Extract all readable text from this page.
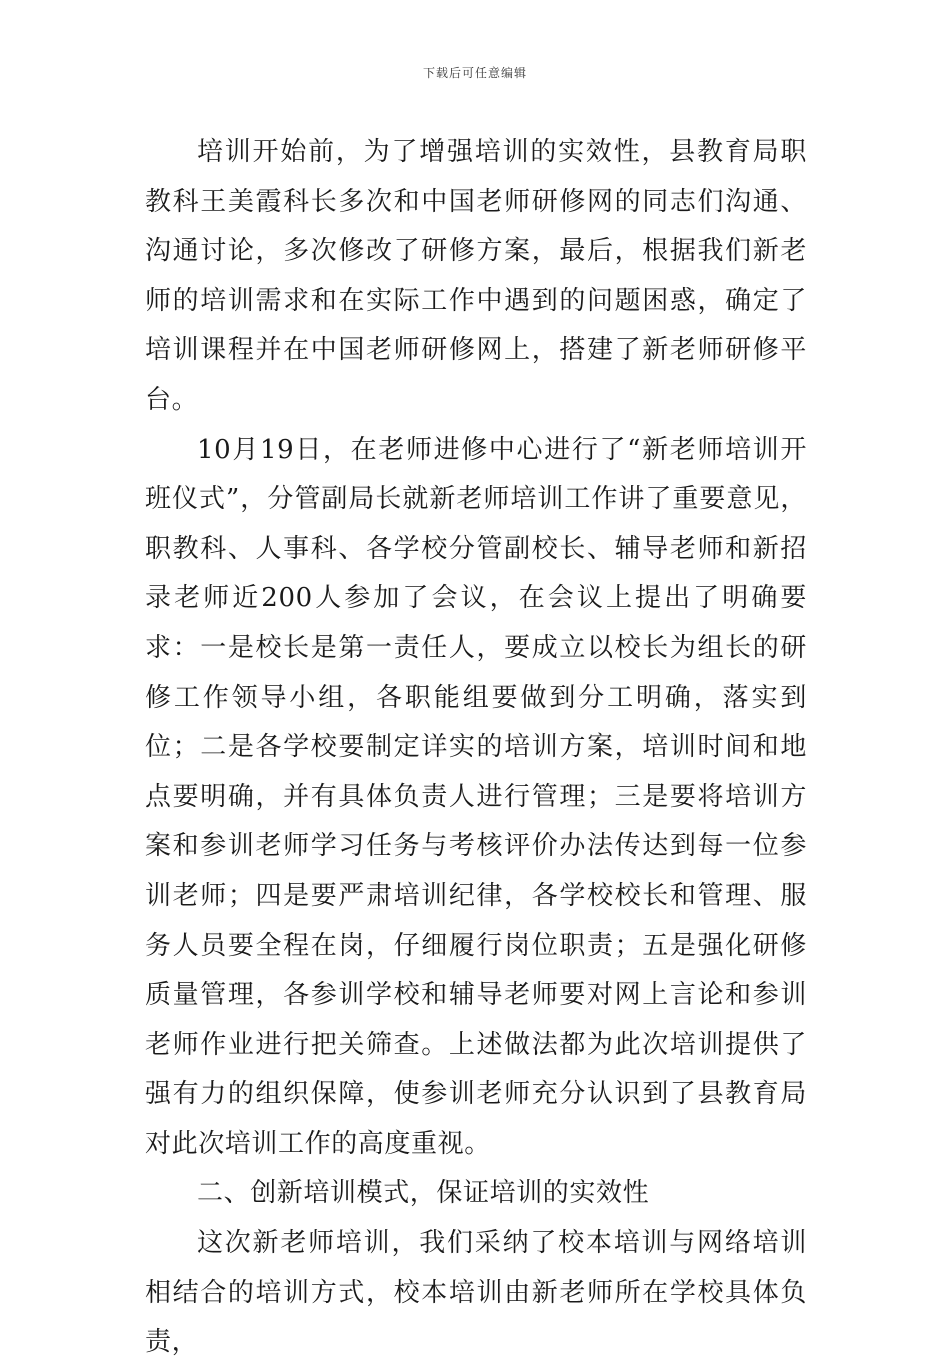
下载后可任意编辑

培训开始前，为了增强培训的实效性，县教育局职教科王美霞科长多次和中国老师研修网的同志们沟通、沟通讨论，多次修改了研修方案，最后，根据我们新老师的培训需求和在实际工作中遇到的问题困惑，确定了培训课程并在中国老师研修网上，搭建了新老师研修平台。

10月19日，在老师进修中心进行了“新老师培训开班仪式”，分管副局长就新老师培训工作讲了重要意见，职教科、人事科、各学校分管副校长、辅导老师和新招录老师近200人参加了会议，在会议上提出了明确要求：一是校长是第一责任人，要成立以校长为组长的研修工作领导小组，各职能组要做到分工明确，落实到位；二是各学校要制定详实的培训方案，培训时间和地点要明确，并有具体负责人进行管理；三是要将培训方案和参训老师学习任务与考核评价办法传达到每一位参训老师；四是要严肃培训纪律，各学校校长和管理、服务人员要全程在岗，仔细履行岗位职责；五是强化研修质量管理，各参训学校和辅导老师要对网上言论和参训老师作业进行把关筛查。上述做法都为此次培训提供了强有力的组织保障，使参训老师充分认识到了县教育局对此次培训工作的高度重视。

二、创新培训模式，保证培训的实效性

这次新老师培训，我们采纳了校本培训与网络培训相结合的培训方式，校本培训由新老师所在学校具体负责，
